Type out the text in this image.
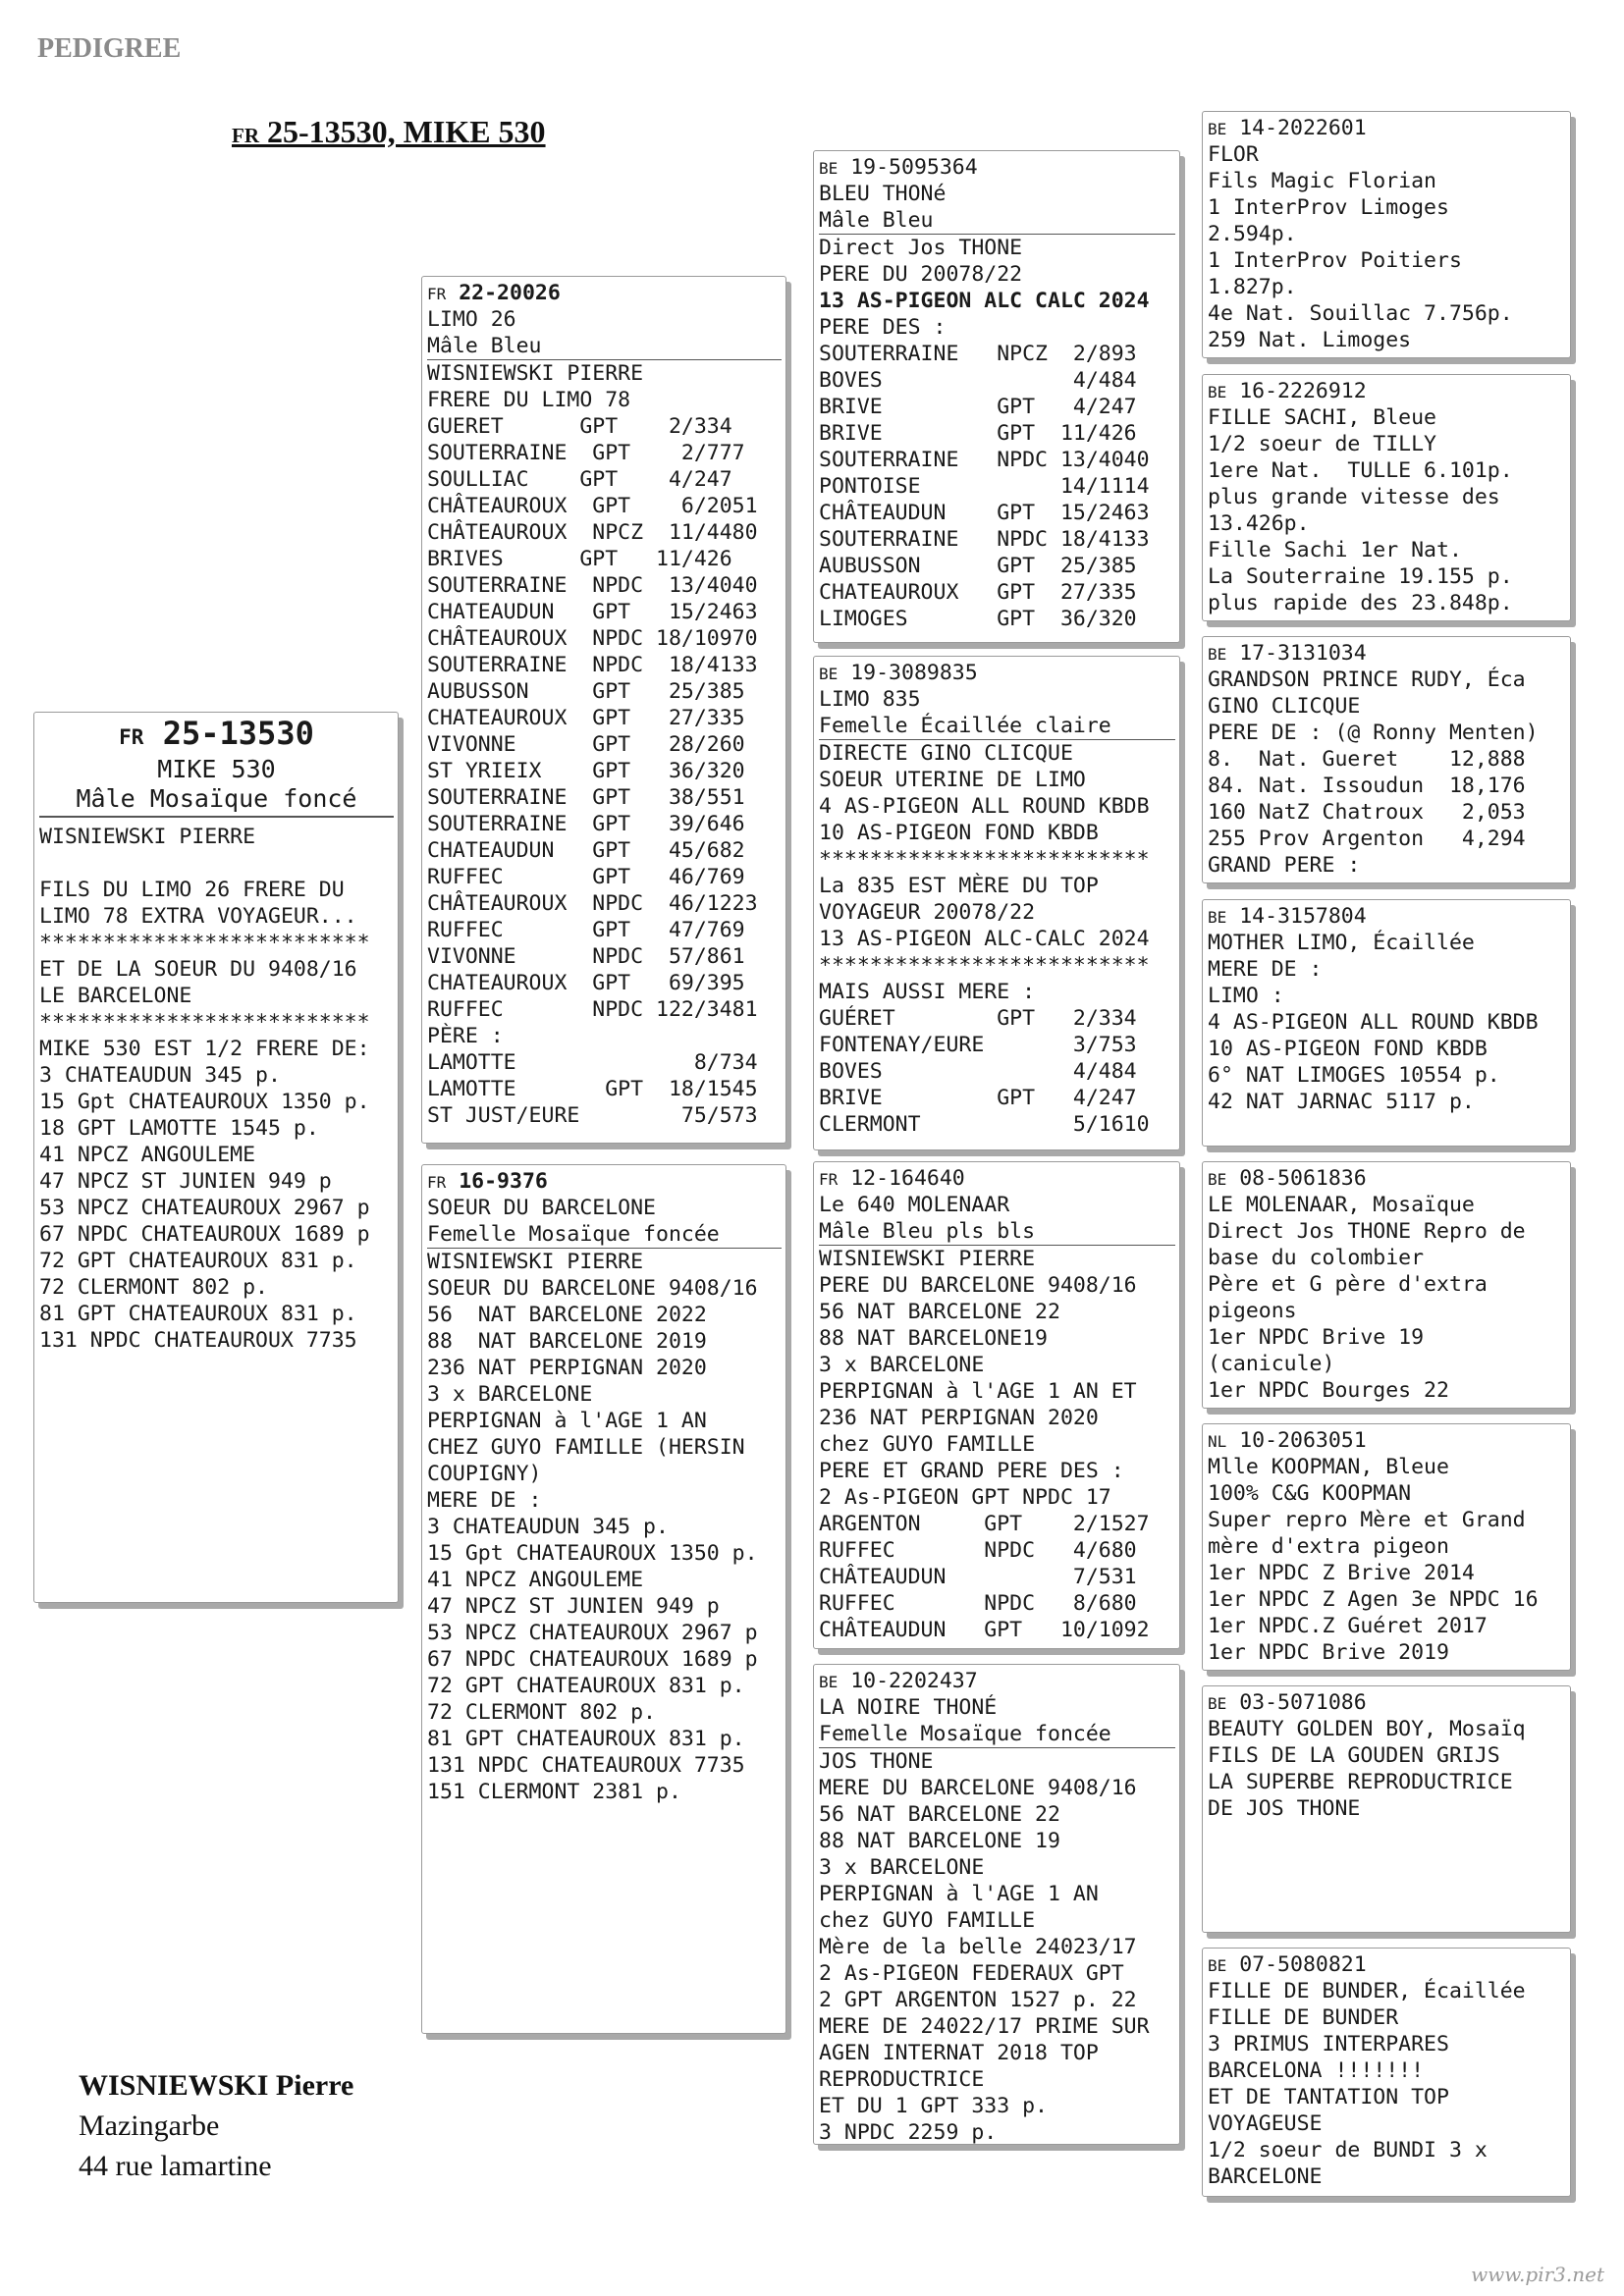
PEDIGREE
FR 25-13530, MIKE 530
FR 25-13530
MIKE 530
Mâle Mosaïque foncé
WISNIEWSKI PIERRE
FILS DU LIMO 26 FRERE DU
LIMO 78 EXTRA VOYAGEUR...
**************************
ET DE LA SOEUR DU 9408/16
LE BARCELONE
**************************
MIKE 530 EST 1/2 FRERE DE:
3 CHATEAUDUN 345 p.
15 Gpt CHATEAUROUX 1350 p.
18 GPT LAMOTTE 1545 p.
41 NPCZ ANGOULEME
47 NPCZ ST JUNIEN 949 p
53 NPCZ CHATEAUROUX 2967 p
67 NPDC CHATEAUROUX 1689 p
72 GPT CHATEAUROUX 831 p.
72 CLERMONT 802 p.
81 GPT CHATEAUROUX 831 p.
131 NPDC CHATEAUROUX 7735
FR 22-20026
LIMO 26
Mâle Bleu
WISNIEWSKI PIERRE
FRERE DU LIMO 78
GUERET      GPT    2/334
SOUTERRAINE  GPT    2/777
SOULLIAC    GPT    4/247
CHÂTEAUROUX  GPT    6/2051
CHÂTEAUROUX  NPCZ  11/4480
BRIVES      GPT   11/426
SOUTERRAINE  NPDC  13/4040
CHATEAUDUN   GPT   15/2463
CHÂTEAUROUX  NPDC 18/10970
SOUTERRAINE  NPDC  18/4133
AUBUSSON     GPT   25/385
CHATEAUROUX  GPT   27/335
VIVONNE      GPT   28/260
ST YRIEIX    GPT   36/320
SOUTERRAINE  GPT   38/551
SOUTERRAINE  GPT   39/646
CHATEAUDUN   GPT   45/682
RUFFEC       GPT   46/769
CHÂTEAUROUX  NPDC  46/1223
RUFFEC       GPT   47/769
VIVONNE      NPDC  57/861
CHATEAUROUX  GPT   69/395
RUFFEC       NPDC 122/3481
PÈRE :
LAMOTTE              8/734
LAMOTTE       GPT  18/1545
ST JUST/EURE        75/573
FR 16-9376
SOEUR DU BARCELONE
Femelle Mosaïque foncée
WISNIEWSKI PIERRE
SOEUR DU BARCELONE 9408/16
56  NAT BARCELONE 2022
88  NAT BARCELONE 2019
236 NAT PERPIGNAN 2020
3 x BARCELONE
PERPIGNAN à l'AGE 1 AN
CHEZ GUYO FAMILLE (HERSIN
COUPIGNY)
MERE DE :
3 CHATEAUDUN 345 p.
15 Gpt CHATEAUROUX 1350 p.
41 NPCZ ANGOULEME
47 NPCZ ST JUNIEN 949 p
53 NPCZ CHATEAUROUX 2967 p
67 NPDC CHATEAUROUX 1689 p
72 GPT CHATEAUROUX 831 p.
72 CLERMONT 802 p.
81 GPT CHATEAUROUX 831 p.
131 NPDC CHATEAUROUX 7735
151 CLERMONT 2381 p.
BE 19-5095364
BLEU THONé
Mâle Bleu
Direct Jos THONE
PERE DU 20078/22
13 AS-PIGEON ALC CALC 2024
PERE DES :
SOUTERRAINE   NPCZ  2/893
BOVES               4/484
BRIVE         GPT   4/247
BRIVE         GPT  11/426
SOUTERRAINE   NPDC 13/4040
PONTOISE           14/1114
CHÂTEAUDUN    GPT  15/2463
SOUTERRAINE   NPDC 18/4133
AUBUSSON      GPT  25/385
CHATEAUROUX   GPT  27/335
LIMOGES       GPT  36/320
BE 19-3089835
LIMO 835
Femelle Écaillée claire
DIRECTE GINO CLICQUE
SOEUR UTERINE DE LIMO
4 AS-PIGEON ALL ROUND KBDB
10 AS-PIGEON FOND KBDB
**************************
La 835 EST MÈRE DU TOP
VOYAGEUR 20078/22
13 AS-PIGEON ALC-CALC 2024
**************************
MAIS AUSSI MERE :
GUÉRET        GPT   2/334
FONTENAY/EURE       3/753
BOVES               4/484
BRIVE         GPT   4/247
CLERMONT            5/1610
FR 12-164640
Le 640 MOLENAAR
Mâle Bleu pls bls
WISNIEWSKI PIERRE
PERE DU BARCELONE 9408/16
56 NAT BARCELONE 22
88 NAT BARCELONE19
3 x BARCELONE
PERPIGNAN à l'AGE 1 AN ET
236 NAT PERPIGNAN 2020
chez GUYO FAMILLE
PERE ET GRAND PERE DES :
2 As-PIGEON GPT NPDC 17
ARGENTON     GPT    2/1527
RUFFEC       NPDC   4/680
CHÂTEAUDUN          7/531
RUFFEC       NPDC   8/680
CHÂTEAUDUN   GPT   10/1092
BE 10-2202437
LA NOIRE THONÉ
Femelle Mosaïque foncée
JOS THONE
MERE DU BARCELONE 9408/16
56 NAT BARCELONE 22
88 NAT BARCELONE 19
3 x BARCELONE
PERPIGNAN à l'AGE 1 AN
chez GUYO FAMILLE
Mère de la belle 24023/17
2 As-PIGEON FEDERAUX GPT
2 GPT ARGENTON 1527 p. 22
MERE DE 24022/17 PRIME SUR
AGEN INTERNAT 2018 TOP
REPRODUCTRICE
ET DU 1 GPT 333 p.
3 NPDC 2259 p.
BE 14-2022601
FLOR
Fils Magic Florian
1 InterProv Limoges
2.594p.
1 InterProv Poitiers
1.827p.
4e Nat. Souillac 7.756p.
259 Nat. Limoges
BE 16-2226912
FILLE SACHI, Bleue
1/2 soeur de TILLY
1ere Nat.  TULLE 6.101p.
plus grande vitesse des
13.426p.
Fille Sachi 1er Nat.
La Souterraine 19.155 p.
plus rapide des 23.848p.
BE 17-3131034
GRANDSON PRINCE RUDY, Éca
GINO CLICQUE
PERE DE : (@ Ronny Menten)
8.  Nat. Gueret    12,888
84. Nat. Issoudun  18,176
160 NatZ Chatroux   2,053
255 Prov Argenton   4,294
GRAND PERE :
BE 14-3157804
MOTHER LIMO, Écaillée
MERE DE :
LIMO :
4 AS-PIGEON ALL ROUND KBDB
10 AS-PIGEON FOND KBDB
6° NAT LIMOGES 10554 p.
42 NAT JARNAC 5117 p.
BE 08-5061836
LE MOLENAAR, Mosaïque
Direct Jos THONE Repro de
base du colombier
Père et G père d'extra
pigeons
1er NPDC Brive 19
(canicule)
1er NPDC Bourges 22
NL 10-2063051
Mlle KOOPMAN, Bleue
100% C&G KOOPMAN
Super repro Mère et Grand
mère d'extra pigeon
1er NPDC Z Brive 2014
1er NPDC Z Agen 3e NPDC 16
1er NPDC.Z Guéret 2017
1er NPDC Brive 2019
BE 03-5071086
BEAUTY GOLDEN BOY, Mosaïq
FILS DE LA GOUDEN GRIJS
LA SUPERBE REPRODUCTRICE
DE JOS THONE
BE 07-5080821
FILLE DE BUNDER, Écaillée
FILLE DE BUNDER
3 PRIMUS INTERPARES
BARCELONA !!!!!!!
ET DE TANTATION TOP
VOYAGEUSE
1/2 soeur de BUNDI 3 x
BARCELONE
WISNIEWSKI Pierre
Mazingarbe
44 rue lamartine
www.pir3.net
